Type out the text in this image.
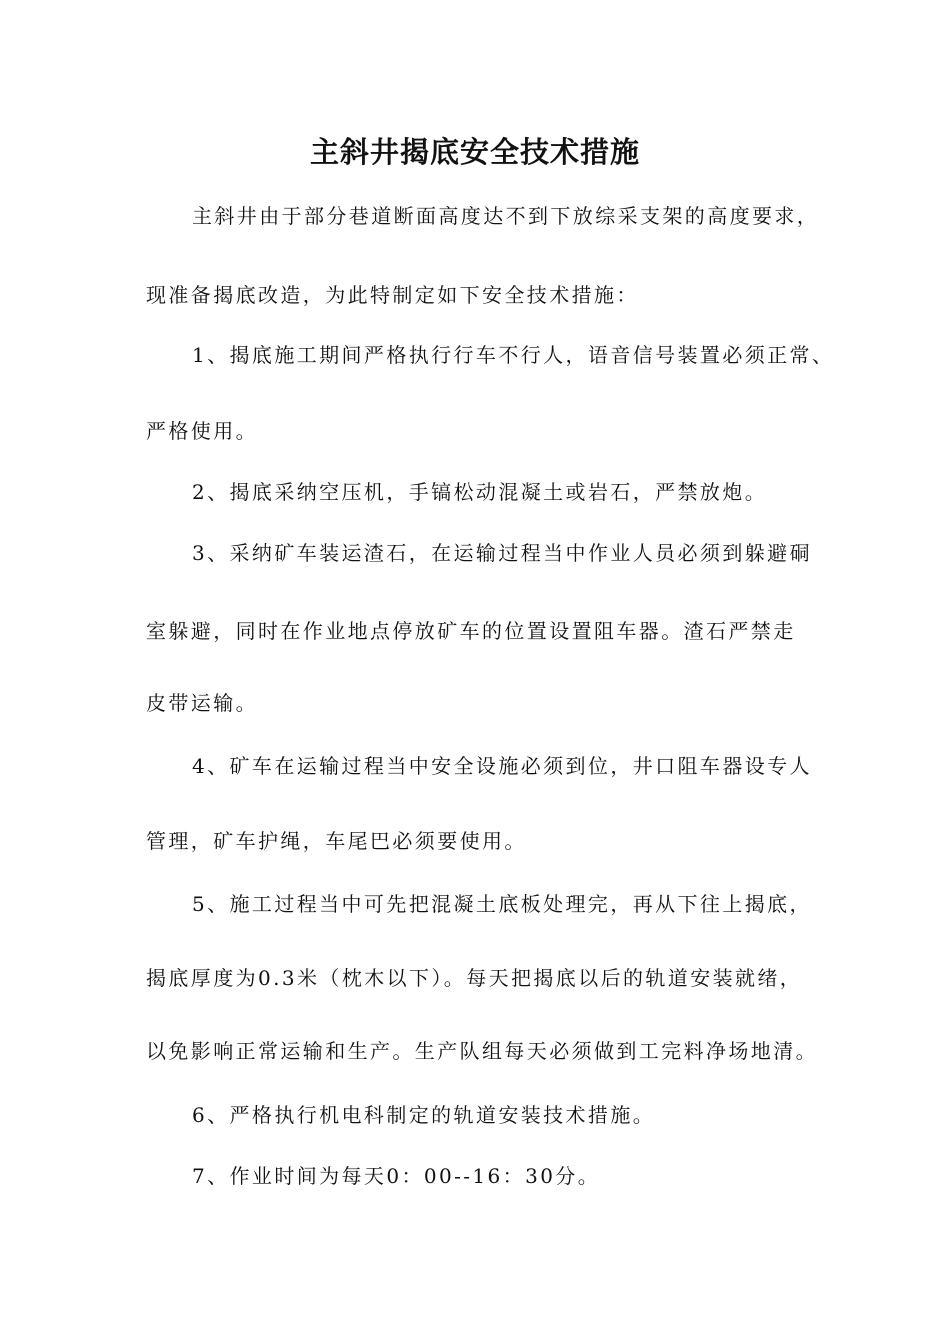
主斜井揭底安全技术措施
主斜井由于部分巷道断面高度达不到下放综采支架的高度要求，
现准备揭底改造，为此特制定如下安全技术措施：
1、揭底施工期间严格执行行车不行人，语音信号装置必须正常、
严格使用。
2、揭底采纳空压机，手镐松动混凝土或岩石，严禁放炮。
3、采纳矿车装运渣石，在运输过程当中作业人员必须到躲避硐
室躲避，同时在作业地点停放矿车的位置设置阻车器。渣石严禁走
皮带运输。
4、矿车在运输过程当中安全设施必须到位，井口阻车器设专人
管理，矿车护绳，车尾巴必须要使用。
5、施工过程当中可先把混凝土底板处理完，再从下往上揭底，
揭底厚度为0.3米（枕木以下）。每天把揭底以后的轨道安装就绪，
以免影响正常运输和生产。生产队组每天必须做到工完料净场地清。
6、严格执行机电科制定的轨道安装技术措施。
7、作业时间为每天0：00--16：30分。
